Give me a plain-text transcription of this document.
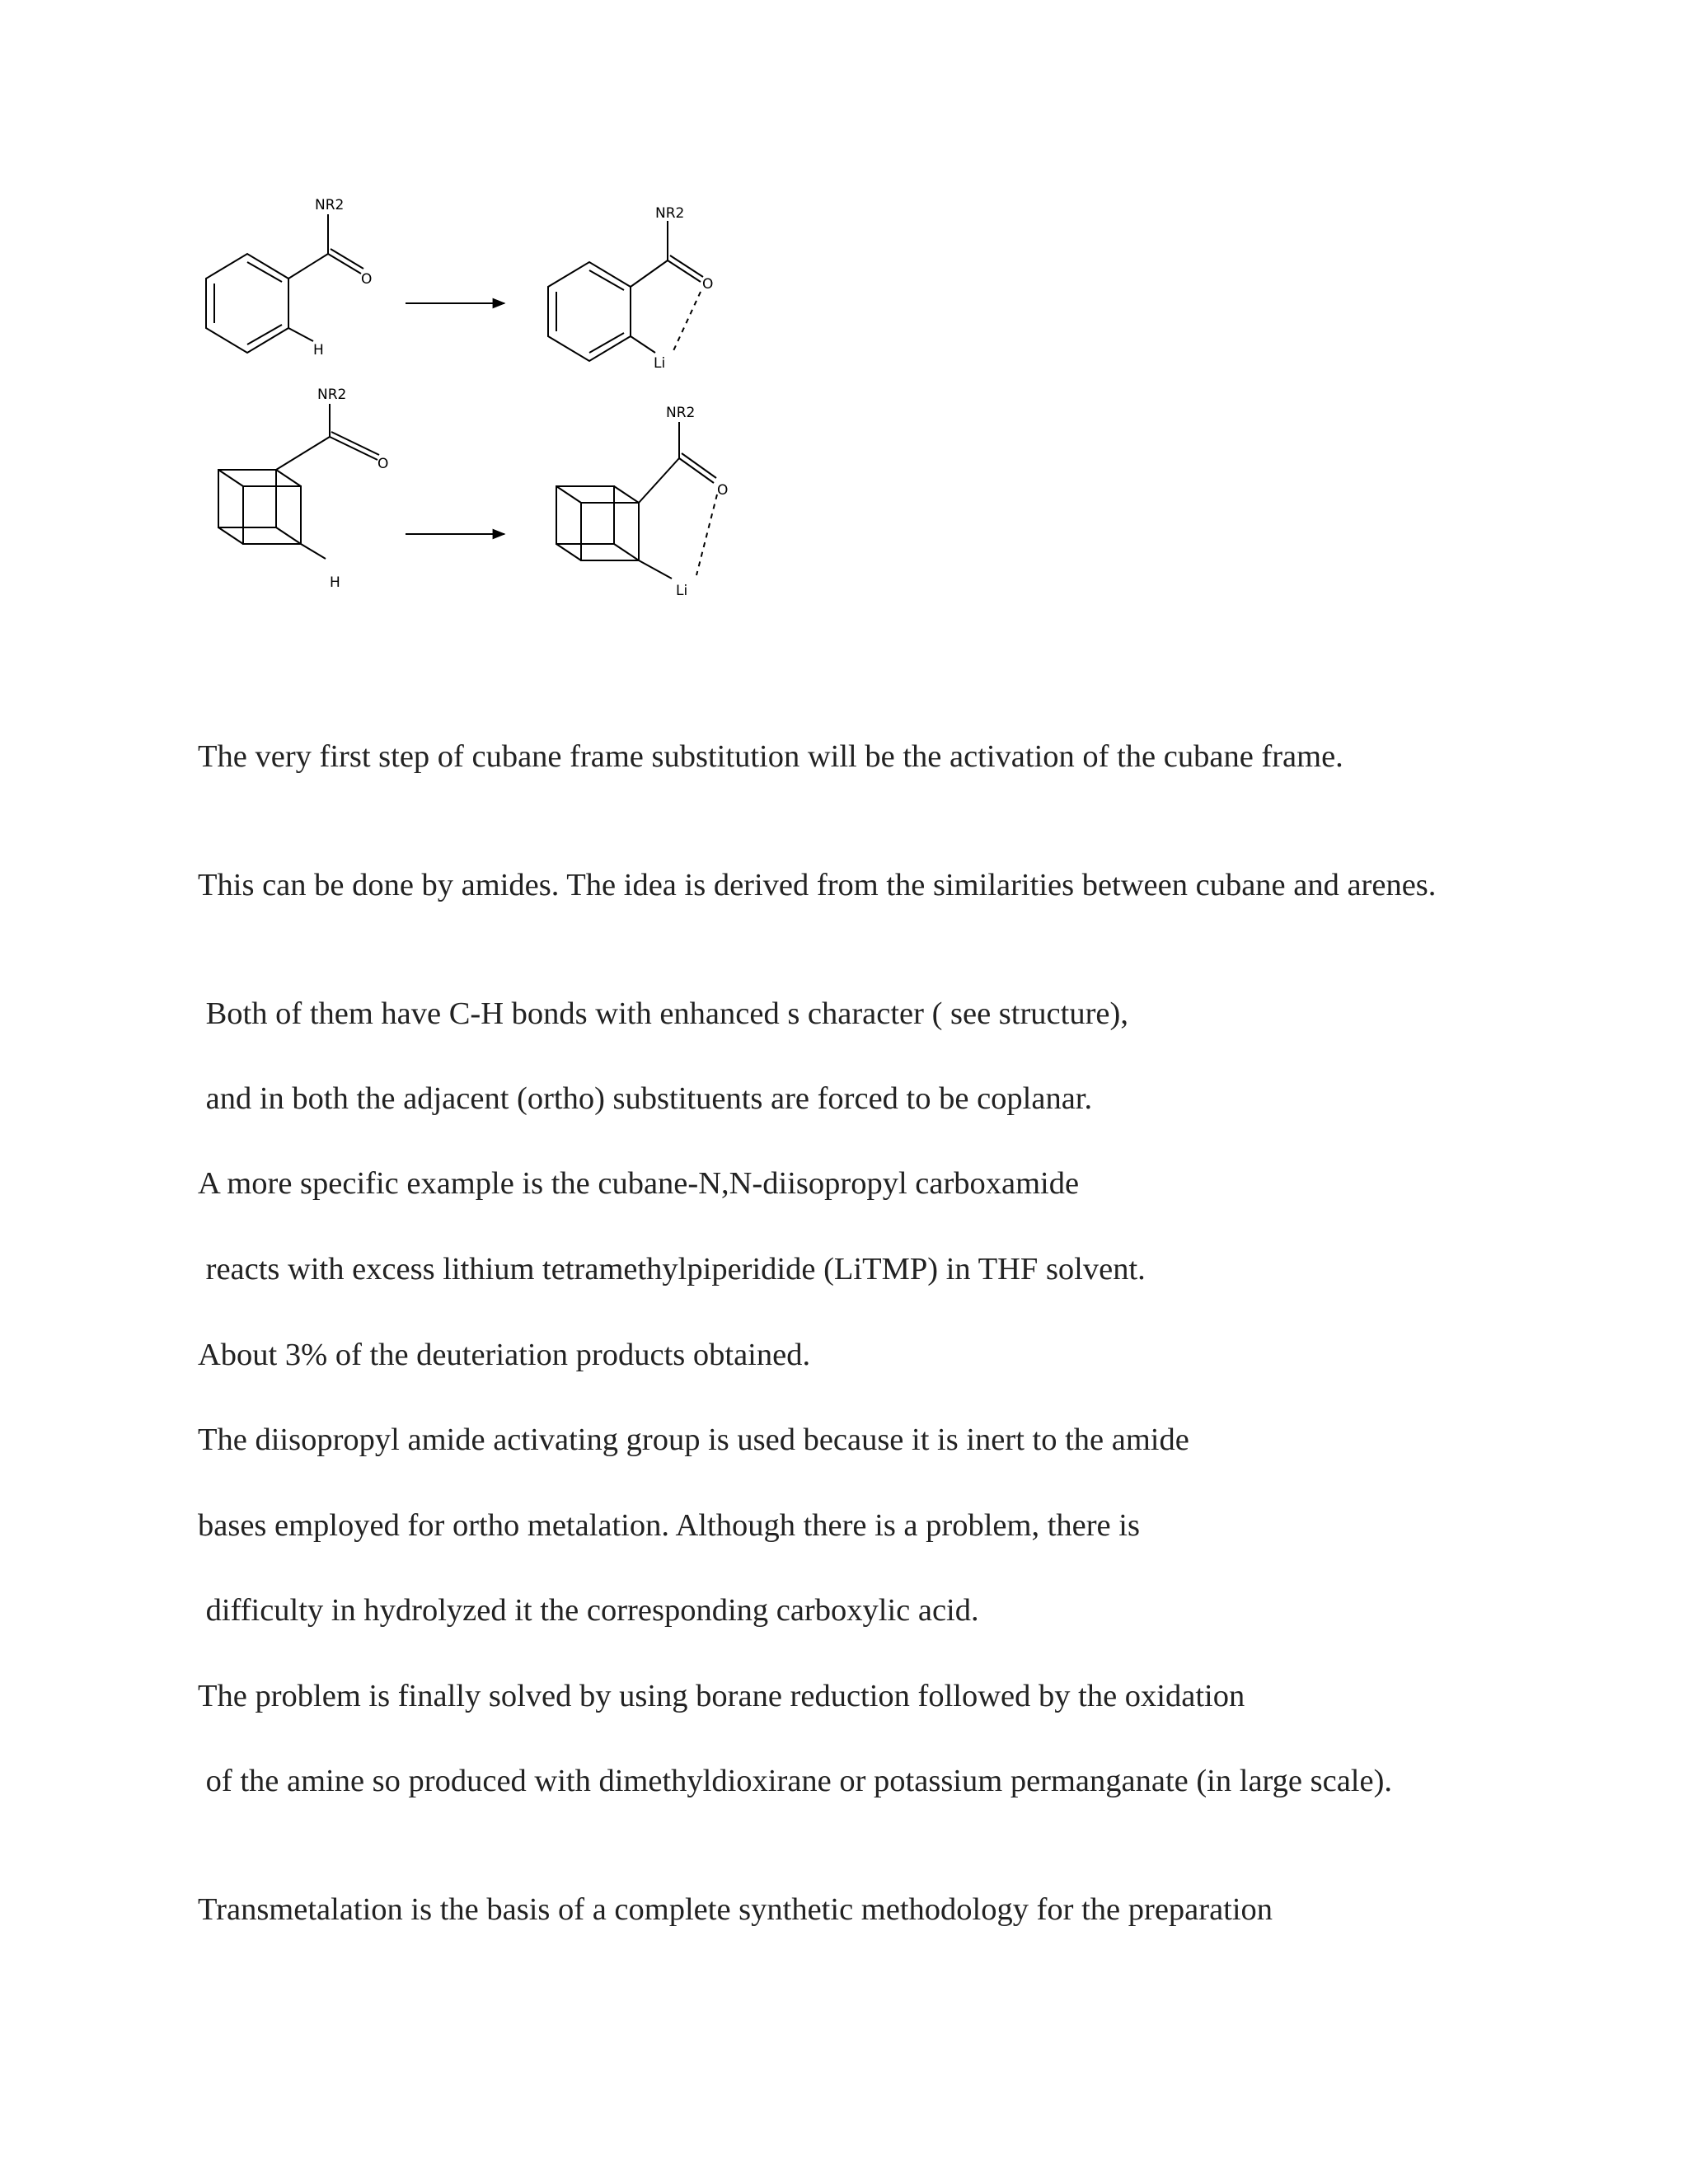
NR2
O
H
NR2
O
Li
NR2
O
H
NR2
O
Li

The very first step of cubane frame substitution will be the activation of the cubane frame.

This can be done by amides. The idea is derived from the similarities between cubane and arenes.

Both of them have C-H bonds with enhanced s character ( see structure),

and in both the adjacent (ortho) substituents are forced to be coplanar.

A more specific example is the cubane-N,N-diisopropyl carboxamide

reacts with excess lithium tetramethylpiperidide (LiTMP) in THF solvent.

About 3% of the deuteriation products obtained.

The diisopropyl amide activating group is used because it is inert to the amide

bases employed for ortho metalation. Although there is a problem, there is

difficulty in hydrolyzed it the corresponding carboxylic acid.

The problem is finally solved by using borane reduction followed by the oxidation

of the amine so produced with dimethyldioxirane or potassium permanganate (in large scale).

Transmetalation is the basis of a complete synthetic methodology for the preparation
